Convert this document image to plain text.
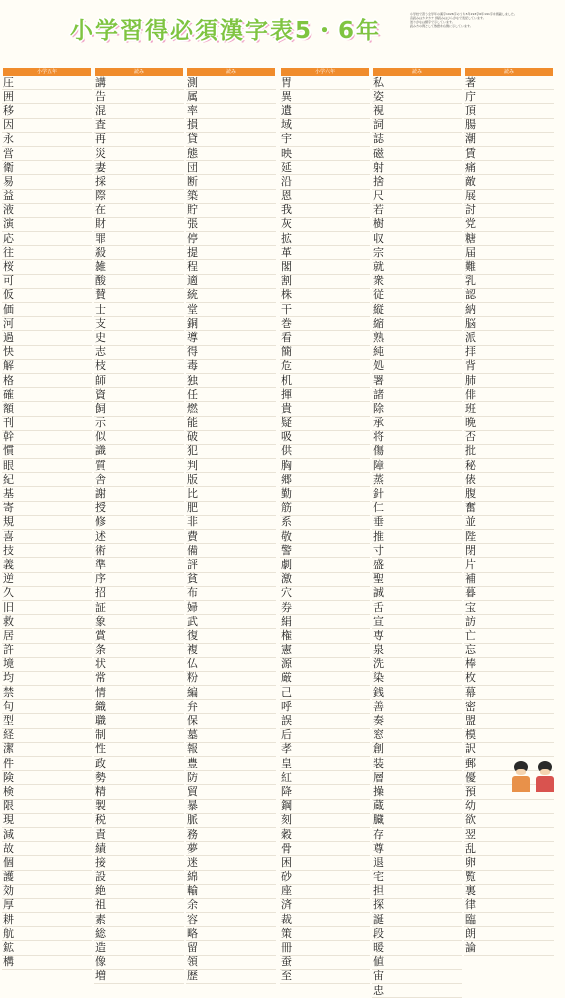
小学習得必須漢字表5・6年
小学校で習う全学年の漢字1026字のうち5年193字6年191字を掲載しました。
音読みはカタカナ 訓読みはひらがなで表記しています。
送りがなは細字で示しています。
読み方の例として熟語を右側に示しています。
小学五年
圧
囲
移
因
永
営
衛
易
益
液
演
応
往
桜
可
仮
価
河
過
快
解
格
確
額
刊
幹
慣
眼
紀
基
寄
規
喜
技
義
逆
久
旧
救
居
許
境
均
禁
句
型
経
潔
件
険
検
限
現
減
故
個
護
効
厚
耕
航
鉱
構
読み
講
告
混
査
再
災
妻
採
際
在
財
罪
殺
雑
酸
賛
士
支
史
志
枝
師
資
飼
示
似
識
質
舎
謝
授
修
述
術
準
序
招
証
象
賞
条
状
常
情
織
職
制
性
政
勢
精
製
税
責
績
接
設
絶
祖
素
総
造
像
増
読み
測
属
率
損
貸
態
団
断
築
貯
張
停
提
程
適
統
堂
銅
導
得
毒
独
任
燃
能
破
犯
判
版
比
肥
非
費
備
評
貧
布
婦
武
復
複
仏
粉
編
弁
保
墓
報
豊
防
貿
暴
脈
務
夢
迷
綿
輸
余
容
略
留
領
歴
小学六年
胃
異
遺
域
宇
映
延
沿
恩
我
灰
拡
革
閣
割
株
干
巻
看
簡
危
机
揮
貴
疑
吸
供
胸
郷
勤
筋
系
敬
警
劇
激
穴
券
絹
権
憲
源
厳
己
呼
誤
后
孝
皇
紅
降
鋼
刻
穀
骨
困
砂
座
済
裁
策
冊
蚕
至
読み
私
姿
視
詞
誌
磁
射
捨
尺
若
樹
収
宗
就
衆
従
縦
縮
熟
純
処
署
諸
除
承
将
傷
障
蒸
針
仁
垂
推
寸
盛
聖
誠
舌
宣
専
泉
洗
染
銭
善
奏
窓
創
装
層
操
蔵
臓
存
尊
退
宅
担
探
誕
段
暖
値
宙
忠
読み
著
庁
頂
腸
潮
賃
痛
敵
展
討
党
糖
届
難
乳
認
納
脳
派
拝
背
肺
俳
班
晩
否
批
秘
俵
腹
奮
並
陛
閉
片
補
暮
宝
訪
亡
忘
棒
枚
幕
密
盟
模
訳
郵
優
預
幼
欲
翌
乱
卵
覧
裏
律
臨
朗
論
